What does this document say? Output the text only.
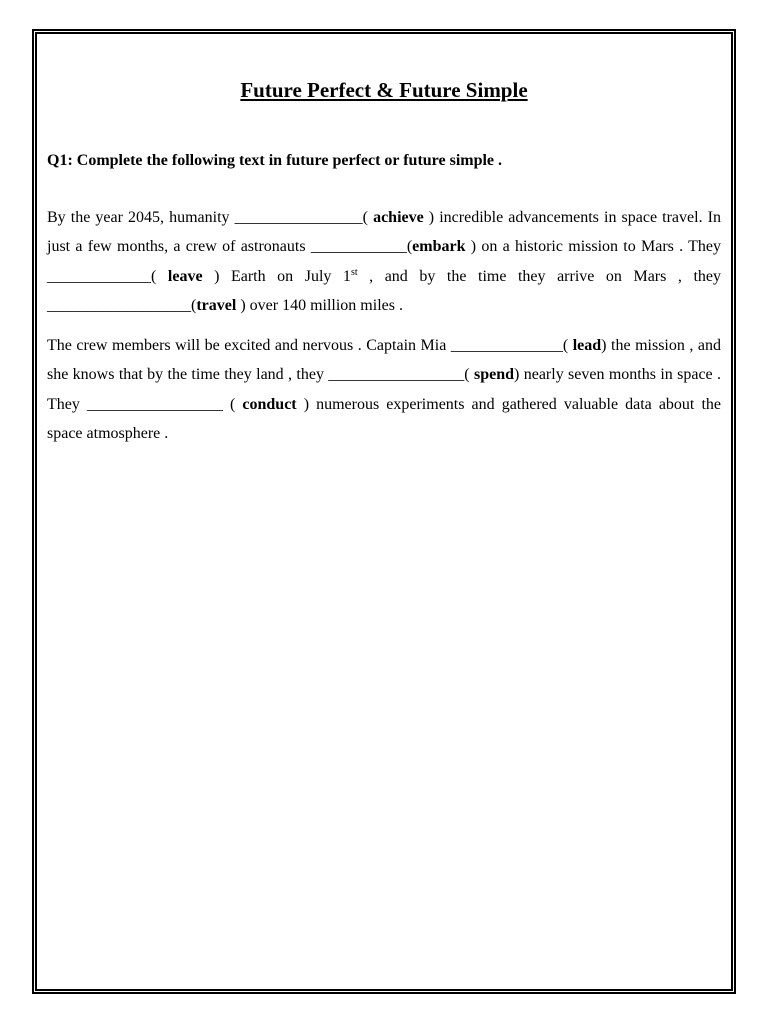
Future Perfect & Future Simple
Q1: Complete the following text in future perfect or future simple .
By the year 2045, humanity ________________( achieve ) incredible advancements in space travel. In just a few months, a crew of astronauts ____________(embark ) on a historic mission to Mars . They _____________( leave ) Earth on July 1st , and by the time they arrive on Mars , they __________________(travel ) over 140 million miles .
The crew members will be excited and nervous . Captain Mia ______________( lead) the mission , and she knows that by the time they land , they _________________( spend) nearly seven months in space . They _________________ ( conduct ) numerous experiments and gathered valuable data about the space atmosphere .
